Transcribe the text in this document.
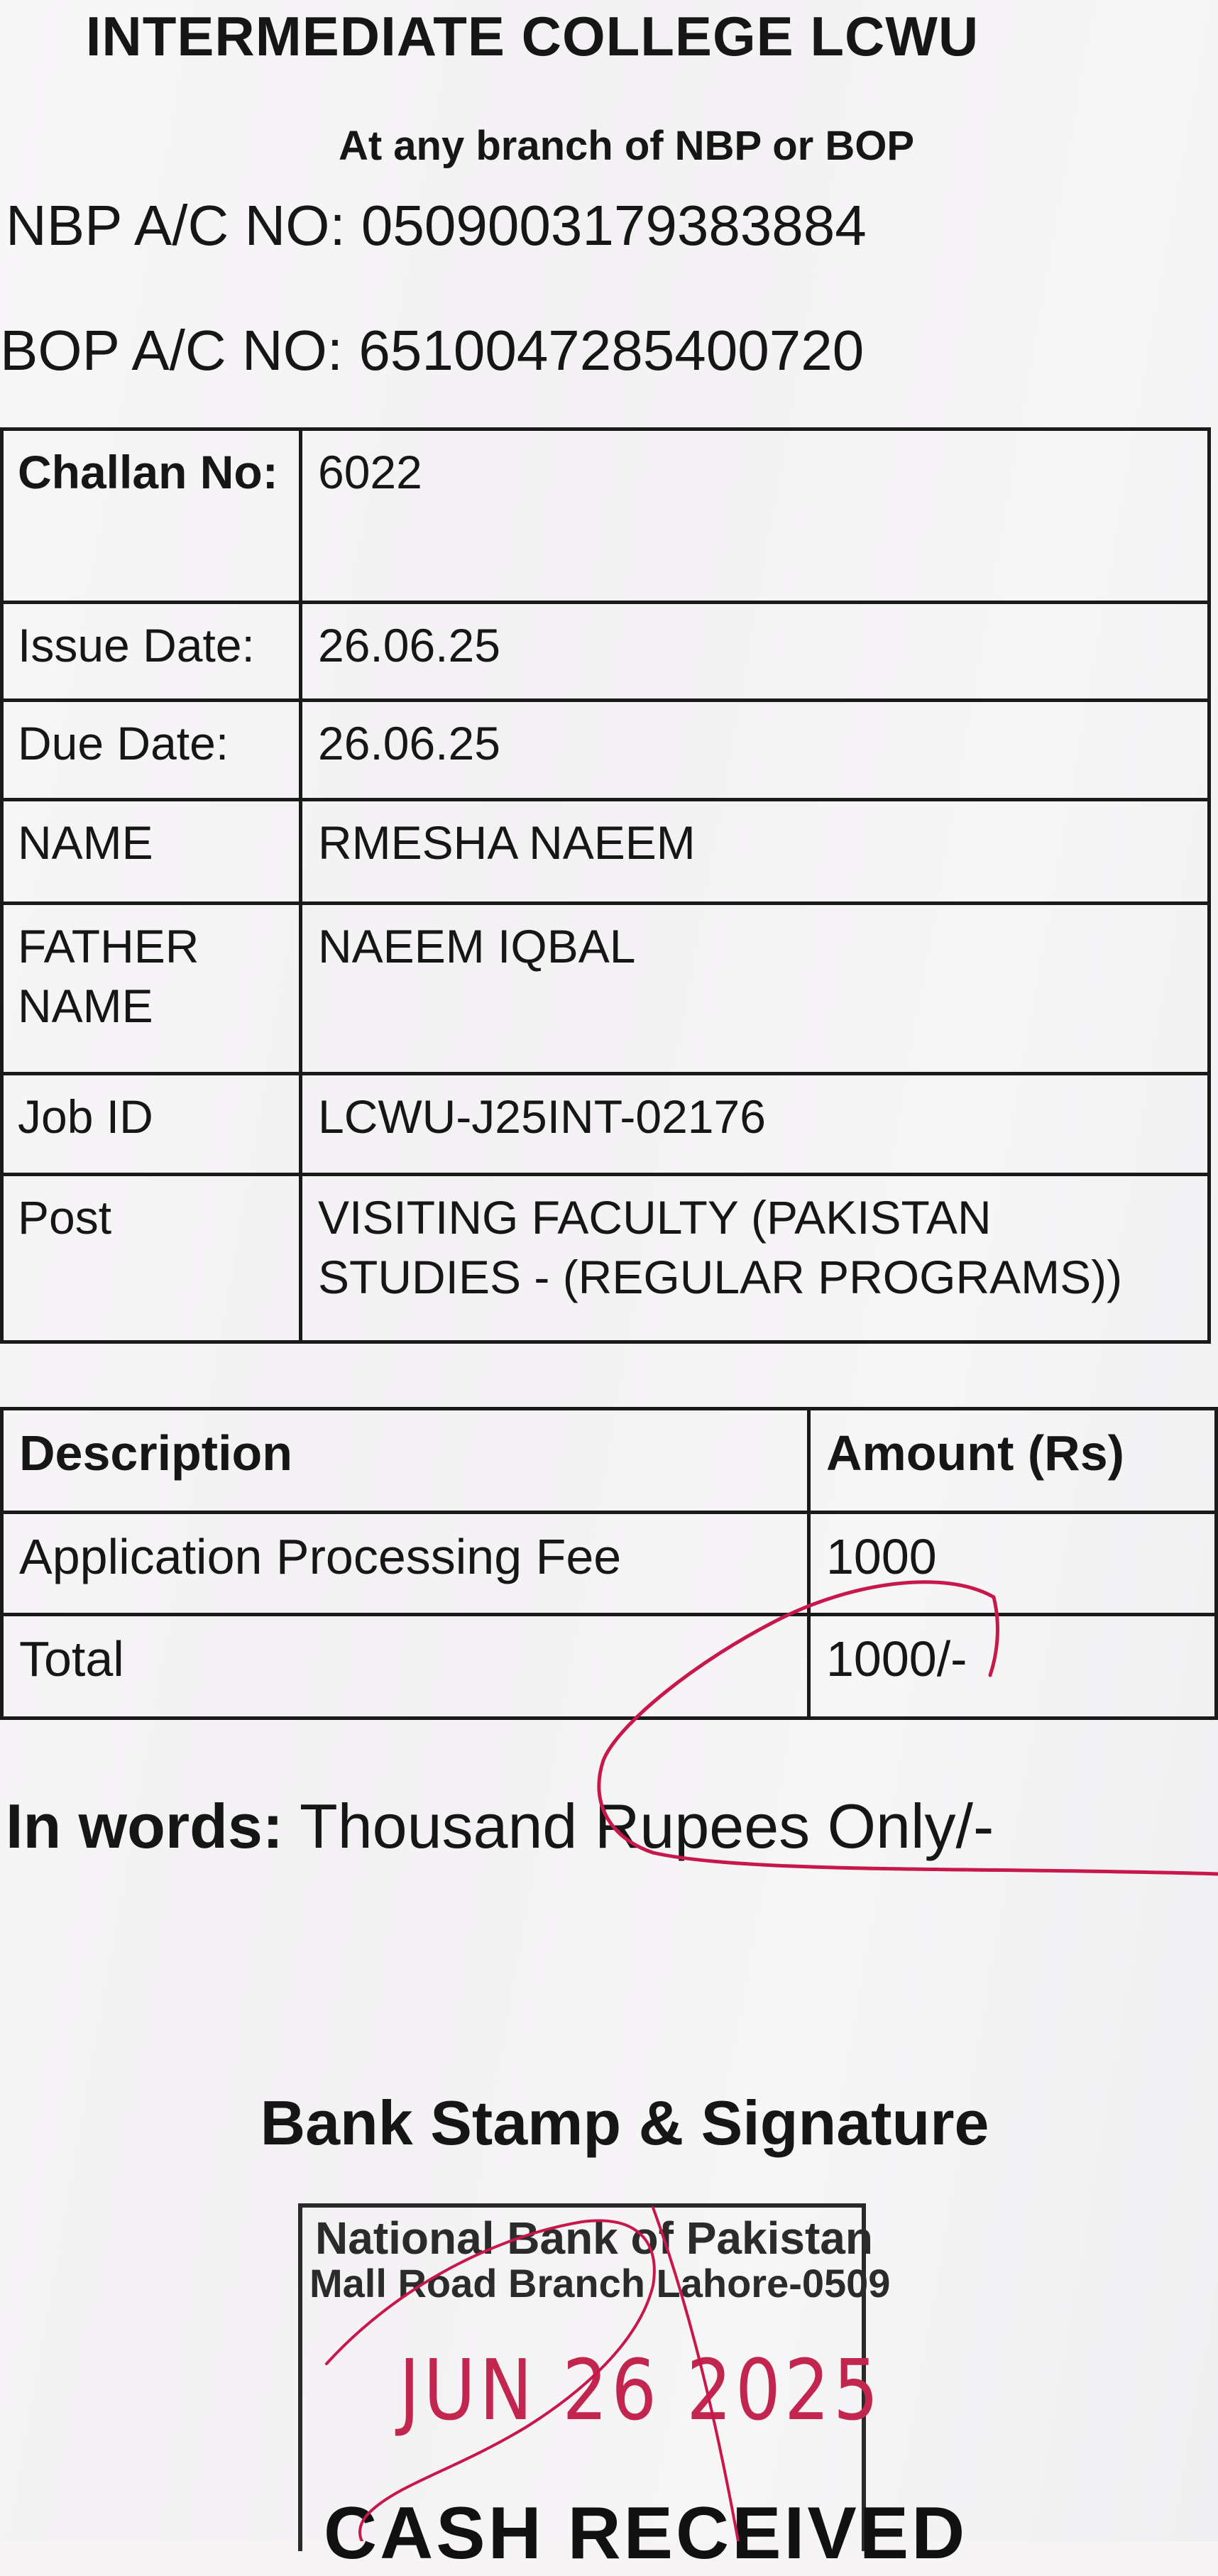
INTERMEDIATE COLLEGE LCWU
At any branch of NBP or BOP
NBP A/C NO: 0509003179383884
BOP A/C NO: 6510047285400720
Challan No:	6022
Issue Date:	26.06.25
Due Date:	26.06.25
NAME	RMESHA NAEEM
FATHER NAME	NAEEM IQBAL
Job ID	LCWU-J25INT-02176
Post	VISITING FACULTY (PAKISTAN STUDIES - (REGULAR PROGRAMS))
Description	Amount (Rs)
Application Processing Fee	1000
Total	1000/-
In words: Thousand Rupees Only/-
Bank Stamp & Signature
National Bank of Pakistan
Mall Road Branch Lahore-0509
JUN 26 2025
CASH RECEIVED
